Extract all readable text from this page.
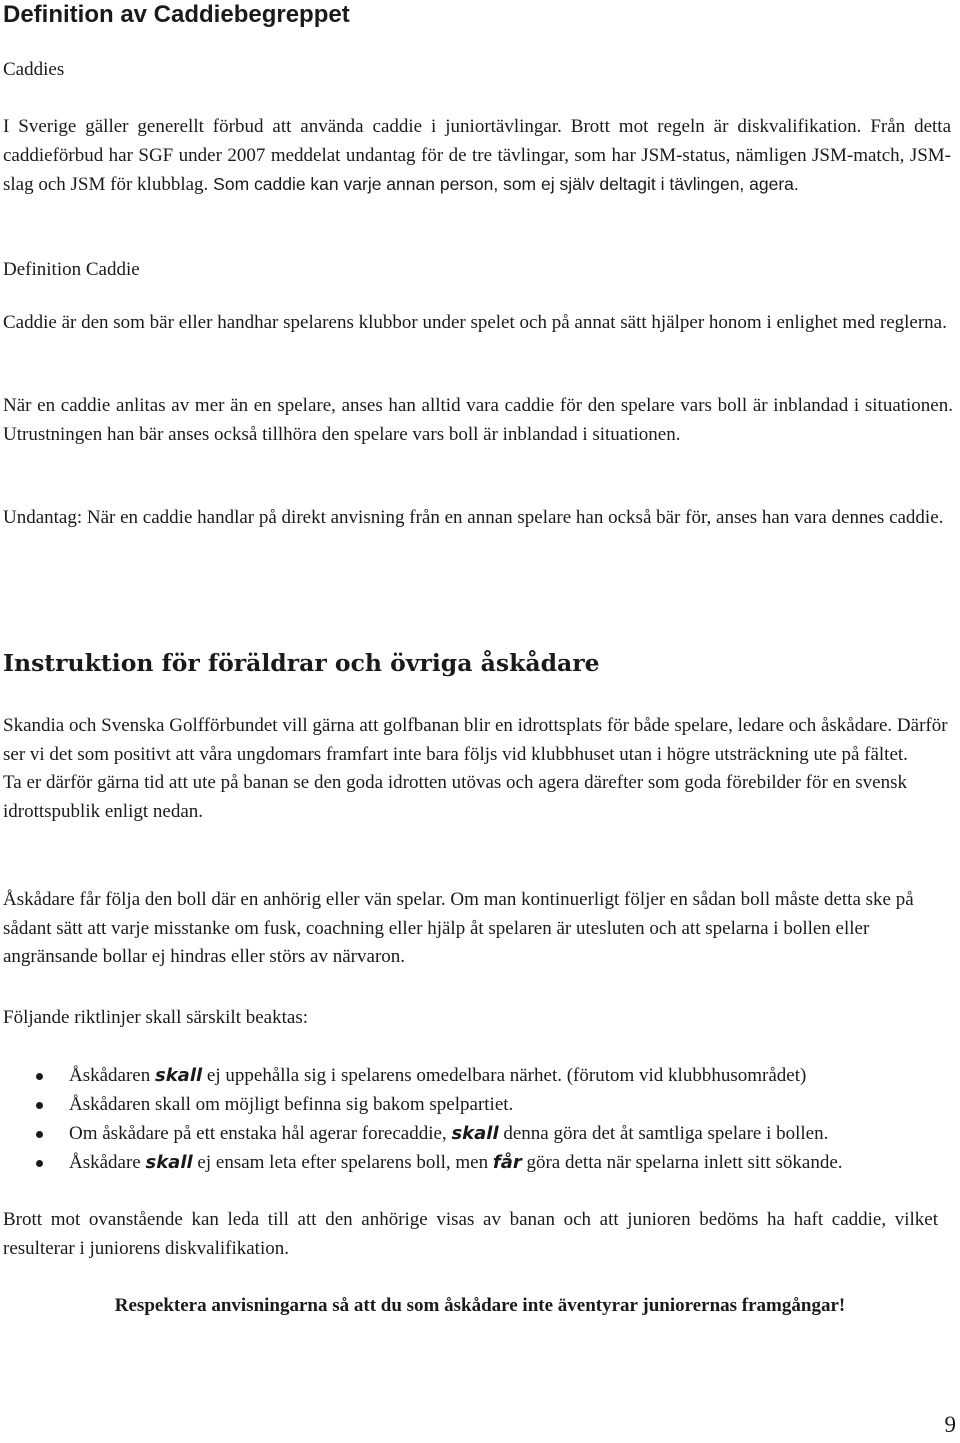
Definition av Caddiebegreppet
Caddies
I Sverige gäller generellt förbud att använda caddie i juniortävlingar. Brott mot regeln är diskvalifikation. Från detta caddieförbud har SGF under 2007 meddelat undantag för de tre tävlingar, som har JSM-status, nämligen JSM-match, JSM-slag och JSM för klubblag. Som caddie kan varje annan person, som ej själv deltagit i tävlingen, agera.
Definition Caddie
Caddie är den som bär eller handhar spelarens klubbor under spelet och på annat sätt hjälper honom i enlighet med reglerna.
När en caddie anlitas av mer än en spelare, anses han alltid vara caddie för den spelare vars boll är inblandad i situationen. Utrustningen han bär anses också tillhöra den spelare vars boll är inblandad i situationen.
Undantag: När en caddie handlar på direkt anvisning från en annan spelare han också bär för, anses han vara dennes caddie.
Instruktion för föräldrar och övriga åskådare
Skandia och Svenska Golfförbundet vill gärna att golfbanan blir en idrottsplats för både spelare, ledare och åskådare. Därför ser vi det som positivt att våra ungdomars framfart inte bara följs vid klubbhuset utan i högre utsträckning ute på fältet.
Ta er därför gärna tid att ute på banan se den goda idrotten utövas och agera därefter som goda förebilder för en svensk idrottspublik enligt nedan.
Åskådare får följa den boll där en anhörig eller vän spelar. Om man kontinuerligt följer en sådan boll måste detta ske på sådant sätt att varje misstanke om fusk, coachning eller hjälp åt spelaren är utesluten och att spelarna i bollen eller angränsande bollar ej hindras eller störs av närvaron.
Följande riktlinjer skall särskilt beaktas:
Åskådaren skall ej uppehålla sig i spelarens omedelbara närhet. (förutom vid klubbhusområdet)
Åskådaren skall om möjligt befinna sig bakom spelpartiet.
Om åskådare på ett enstaka hål agerar forecaddie, skall denna göra det åt samtliga spelare i bollen.
Åskådare skall ej ensam leta efter spelarens boll, men får göra detta när spelarna inlett sitt sökande.
Brott mot ovanstående kan leda till att den anhörige visas av banan och att junioren bedöms ha haft caddie, vilket resulterar i juniorens diskvalifikation.
Respektera anvisningarna så att du som åskådare inte äventyrar juniorernas framgångar!
9
